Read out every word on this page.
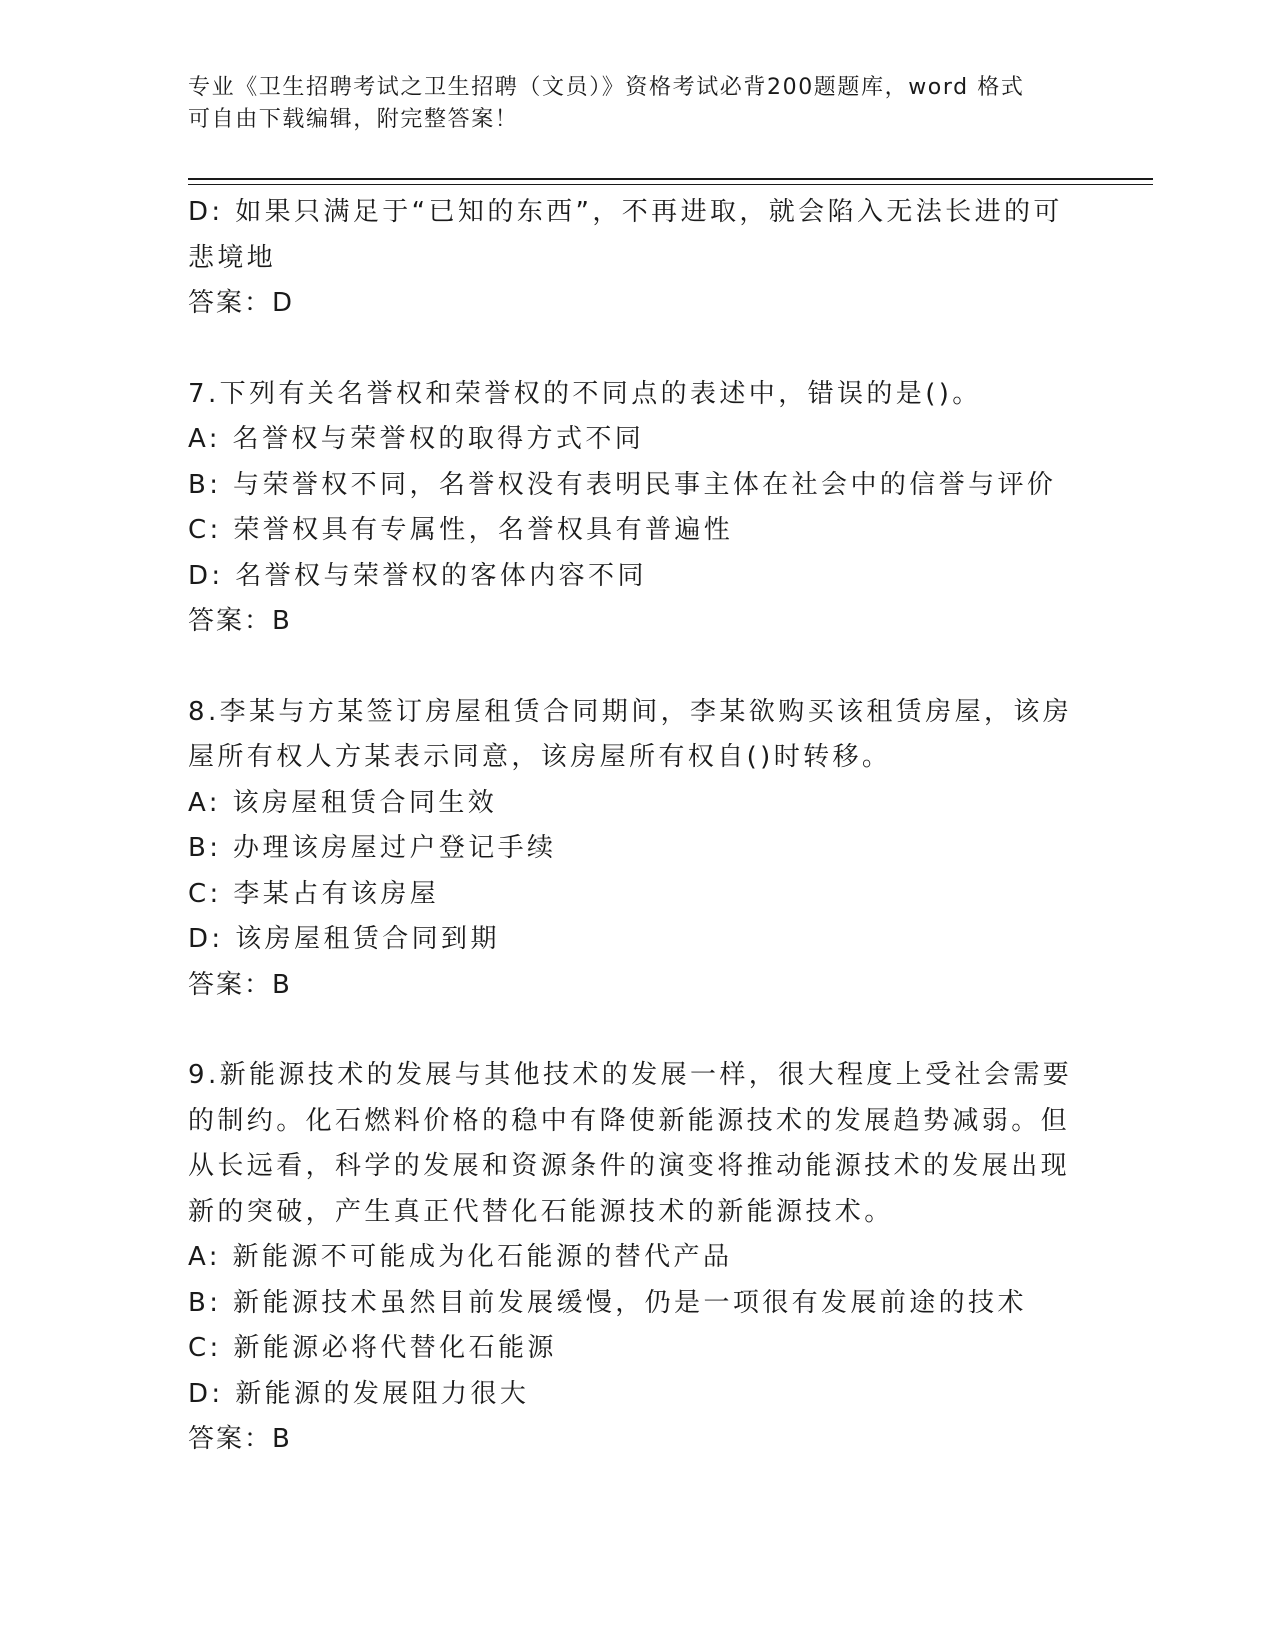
专业《卫生招聘考试之卫生招聘（文员）》资格考试必背200题题库，word 格式
可自由下载编辑，附完整答案！
D: 如果只满足于“已知的东西”，不再进取，就会陷入无法长进的可
悲境地
答案：D
7.下列有关名誉权和荣誉权的不同点的表述中，错误的是()。
A: 名誉权与荣誉权的取得方式不同
B: 与荣誉权不同，名誉权没有表明民事主体在社会中的信誉与评价
C: 荣誉权具有专属性，名誉权具有普遍性
D: 名誉权与荣誉权的客体内容不同
答案：B
8.李某与方某签订房屋租赁合同期间，李某欲购买该租赁房屋，该房
屋所有权人方某表示同意，该房屋所有权自()时转移。
A: 该房屋租赁合同生效
B: 办理该房屋过户登记手续
C: 李某占有该房屋
D: 该房屋租赁合同到期
答案：B
9.新能源技术的发展与其他技术的发展一样，很大程度上受社会需要
的制约。化石燃料价格的稳中有降使新能源技术的发展趋势减弱。但
从长远看，科学的发展和资源条件的演变将推动能源技术的发展出现
新的突破，产生真正代替化石能源技术的新能源技术。
A: 新能源不可能成为化石能源的替代产品
B: 新能源技术虽然目前发展缓慢，仍是一项很有发展前途的技术
C: 新能源必将代替化石能源
D: 新能源的发展阻力很大
答案：B
